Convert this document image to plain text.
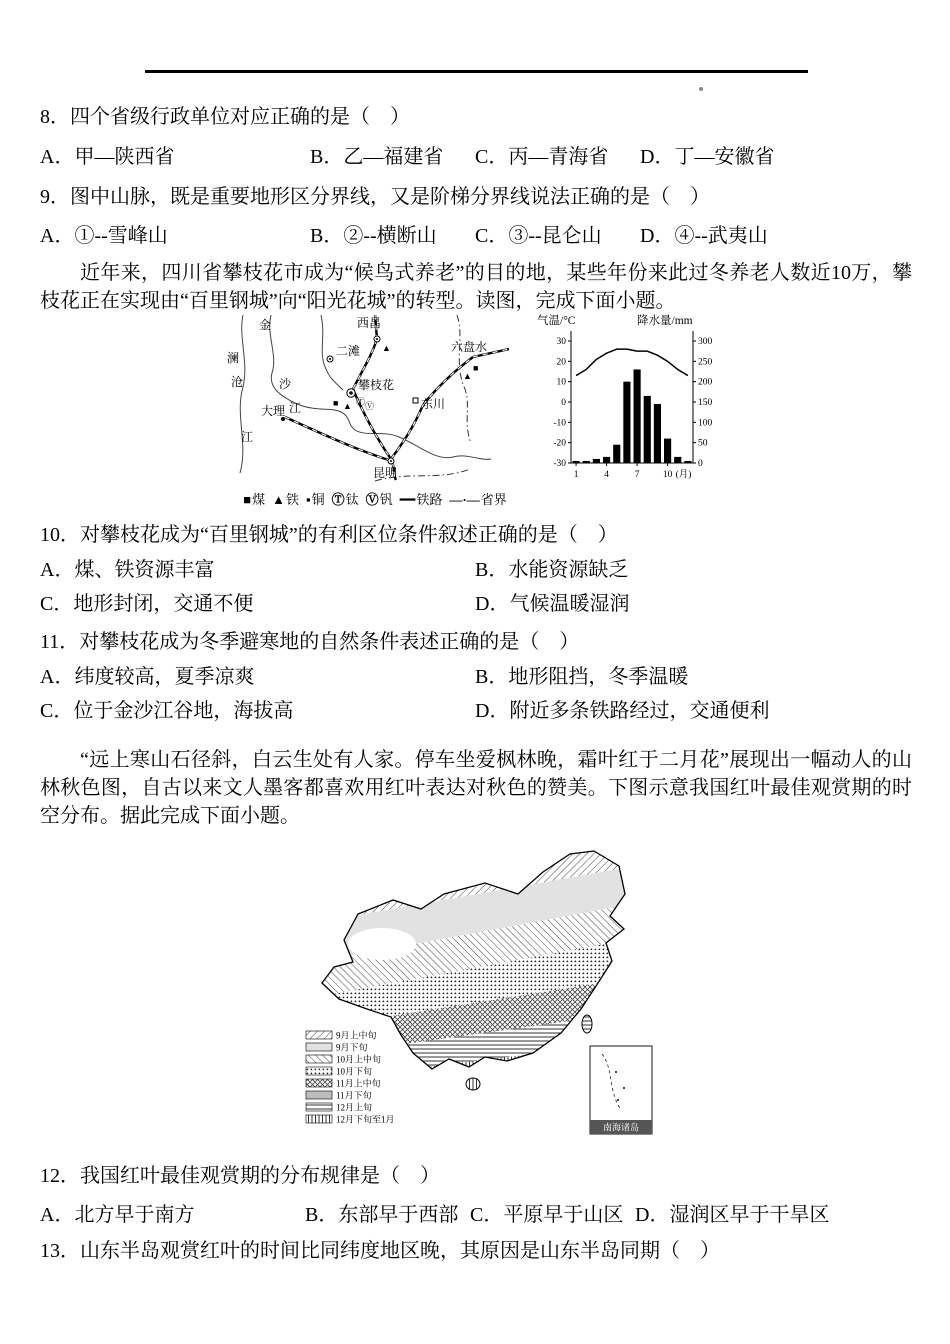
8．四个省级行政单位对应正确的是（　）
A．甲—陕西省	B．乙—福建省	C．丙—青海省	D．丁—安徽省
9．图中山脉，既是重要地形区分界线，又是阶梯分界线说法正确的是（　）
A．①--雪峰山	B．②--横断山	C．③--昆仑山	D．④--武夷山
近年来，四川省攀枝花市成为“候鸟式养老”的目的地，某些年份来此过冬养老人数近10万，攀枝花正在实现由“百里钢城”向“阳光花城”的转型。读图，完成下面小题。
■ ▲ Ⓣ Ⓥ
■
▲
▲
金
沙
江
澜
沧
江
西昌
二滩
攀枝花
东川
六盘水
大理
昆明
■ 煤 ▲ 铁 ▪ 铜 Ⓣ 钛 Ⓥ 钒 ━━ 铁路 —·— 省界
气温/°C	降水量/mm
30
20
10
0
-10
-20
-30
300
250
200
150
100
50
0
1	4	7 10 (月)
10．对攀枝花成为“百里钢城”的有利区位条件叙述正确的是（　）
A．煤、铁资源丰富	B．水能资源缺乏
C．地形封闭，交通不便	D．气候温暖湿润
11．对攀枝花成为冬季避寒地的自然条件表述正确的是（　）
A．纬度较高，夏季凉爽	B．地形阻挡，冬季温暖
C．位于金沙江谷地，海拔高	D．附近多条铁路经过，交通便利
“远上寒山石径斜，白云生处有人家。停车坐爱枫林晚，霜叶红于二月花”展现出一幅动人的山林秋色图，自古以来文人墨客都喜欢用红叶表达对秋色的赞美。下图示意我国红叶最佳观赏期的时空分布。据此完成下面小题。
9月上中旬
9月下旬
10月上中旬
10月下旬
11月上中旬
11月下旬
12月上旬
12月下旬至1月
南海诸岛
12．我国红叶最佳观赏期的分布规律是（　）
A．北方早于南方	B．东部早于西部 C．平原早于山区 D．湿润区早于干旱区
13．山东半岛观赏红叶的时间比同纬度地区晚，其原因是山东半岛同期（　）
